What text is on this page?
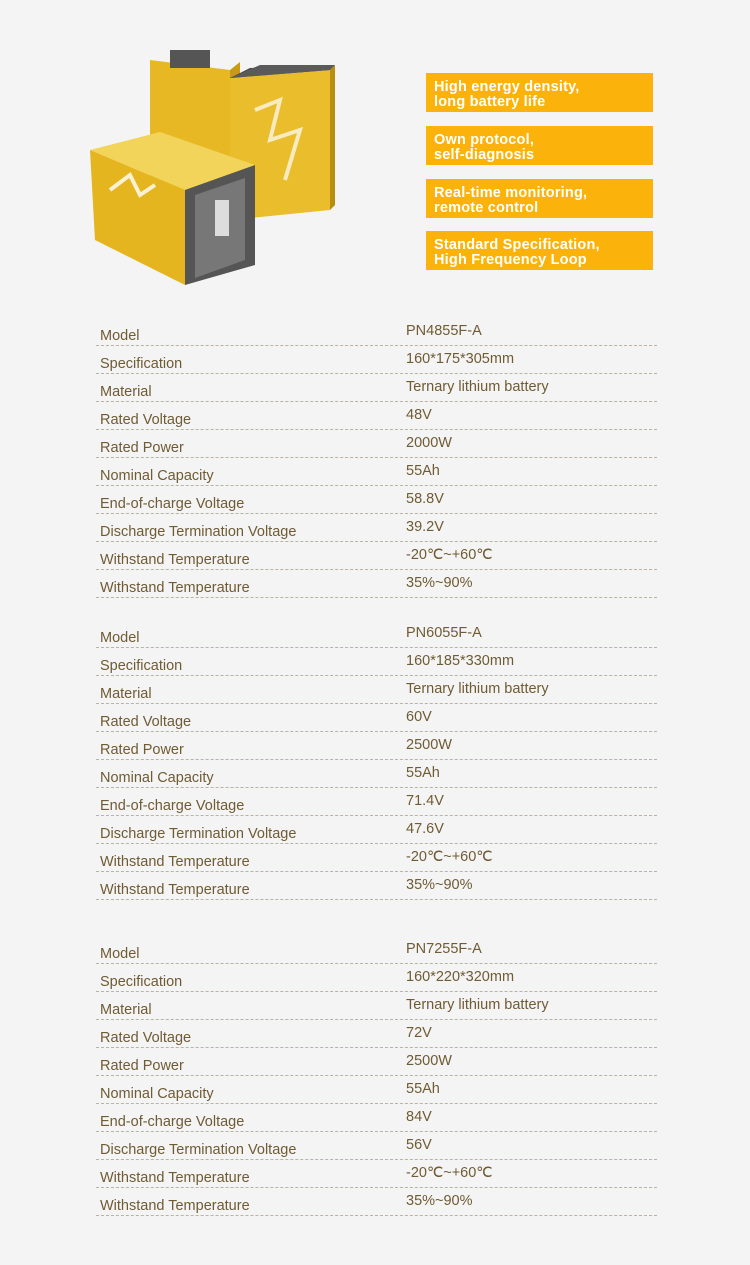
High energy density,
long battery life
Own protocol,
self-diagnosis
Real-time monitoring,
remote control
Standard Specification,
High Frequency Loop
Model	PN4855F-A
Specification	160*175*305mm
Material	Ternary lithium battery
Rated Voltage	48V
Rated Power	2000W
Nominal Capacity	55Ah
End-of-charge Voltage	58.8V
Discharge Termination Voltage	39.2V
Withstand Temperature	-20℃~+60℃
Withstand Temperature	35%~90%
Model	PN6055F-A
Specification	160*185*330mm
Material	Ternary lithium battery
Rated Voltage	60V
Rated Power	2500W
Nominal Capacity	55Ah
End-of-charge Voltage	71.4V
Discharge Termination Voltage	47.6V
Withstand Temperature	-20℃~+60℃
Withstand Temperature	35%~90%
Model	PN7255F-A
Specification	160*220*320mm
Material	Ternary lithium battery
Rated Voltage	72V
Rated Power	2500W
Nominal Capacity	55Ah
End-of-charge Voltage	84V
Discharge Termination Voltage	56V
Withstand Temperature	-20℃~+60℃
Withstand Temperature	35%~90%
